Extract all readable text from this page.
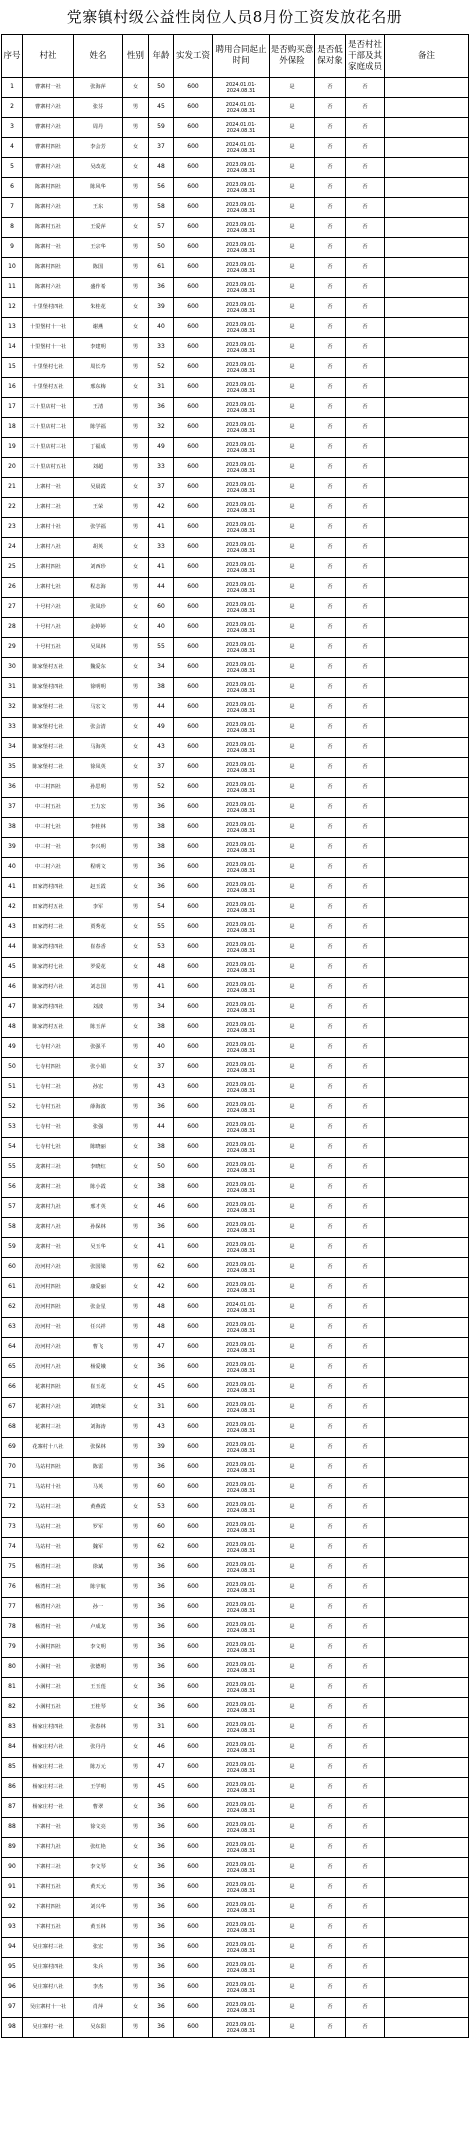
党寨镇村级公益性岗位人员8月份工资发放花名册
序号	村社	姓名	性别	年龄	实发工资	聘用合同起止时间	是否购买意外保险	是否低保对象	是否村社干部及其家庭成员	备注
1	曹寨村一社	张海萍	女	50	600	2024.01.01-2024.08.31	是	否	否	
2	曹寨村六社	张芬	男	45	600	2024.01.01-2024.08.31	是	否	否	
3	曹寨村六社	周丹	男	59	600	2024.01.01-2024.08.31	是	否	否	
4	曹寨村四社	李会芳	女	37	600	2024.01.01-2024.08.31	是	否	否	
5	曹寨村六社	吴改花	女	48	600	2023.09.01-2024.08.31	是	否	否	
6	陈寨村四社	陈风华	男	56	600	2023.09.01-2024.08.31	是	否	否	
7	陈寨村六社	王东	男	58	600	2023.09.01-2024.08.31	是	否	否	
8	陈寨村五社	王爱萍	女	57	600	2023.09.01-2024.08.31	是	否	否	
9	陈寨村一社	王宗华	男	50	600	2023.09.01-2024.08.31	是	否	否	
10	陈寨村四社	陈国	男	61	600	2023.09.01-2024.08.31	是	否	否	
11	陈寨村六社	盛作希	男	36	600	2023.09.01-2024.08.31	是	否	否	
12	十里堡村四社	朱桂花	女	39	600	2023.09.01-2024.08.31	是	否	否	
13	十里堡村十一社	谢燕	女	40	600	2023.09.01-2024.08.31	是	否	否	
14	十里堡村十一社	李建明	男	33	600	2023.09.01-2024.08.31	是	否	否	
15	十里堡村七社	周长寿	男	52	600	2023.09.01-2024.08.31	是	否	否	
16	十里堡村五社	邢东梅	女	31	600	2023.09.01-2024.08.31	是	否	否	
17	三十里店村一社	王清	男	36	600	2023.09.01-2024.08.31	是	否	否	
18	三十里店村二社	陈学福	男	32	600	2023.09.01-2024.08.31	是	否	否	
19	三十里店村三社	丁福成	男	49	600	2023.09.01-2024.08.31	是	否	否	
20	三十里店村五社	刘超	男	33	600	2023.09.01-2024.08.31	是	否	否	
21	上寨村一社	吴晨霞	女	37	600	2023.09.01-2024.08.31	是	否	否	
22	上寨村二社	王荣	男	42	600	2023.09.01-2024.08.31	是	否	否	
23	上寨村十社	张学福	男	41	600	2023.09.01-2024.08.31	是	否	否	
24	上寨村八社	胡英	女	33	600	2023.09.01-2024.08.31	是	否	否	
25	上寨村四社	刘西珍	女	41	600	2023.09.01-2024.08.31	是	否	否	
26	上寨村七社	程志海	男	44	600	2023.09.01-2024.08.31	是	否	否	
27	十号村六社	张凤珍	女	60	600	2023.09.01-2024.08.31	是	否	否	
28	十号村八社	金婷婷	女	40	600	2023.09.01-2024.08.31	是	否	否	
29	十号村五社	吴凤林	男	55	600	2023.09.01-2024.08.31	是	否	否	
30	陈家堡村五社	魏爱东	女	34	600	2023.09.01-2024.08.31	是	否	否	
31	陈家堡村四社	徐明明	男	38	600	2023.09.01-2024.08.31	是	否	否	
32	陈家堡村二社	马宏文	男	44	600	2023.09.01-2024.08.31	是	否	否	
33	陈家堡村七社	张会清	女	49	600	2023.09.01-2024.08.31	是	否	否	
34	陈家堡村三社	马海英	女	43	600	2023.09.01-2024.08.31	是	否	否	
35	陈家堡村二社	徐凤英	女	37	600	2023.09.01-2024.08.31	是	否	否	
36	中三村四社	孙思明	男	52	600	2023.09.01-2024.08.31	是	否	否	
37	中三村五社	王力宏	男	36	600	2023.09.01-2024.08.31	是	否	否	
38	中三村七社	李桂林	男	38	600	2023.09.01-2024.08.31	是	否	否	
39	中三村一社	李兴明	男	38	600	2023.09.01-2024.08.31	是	否	否	
40	中三村六社	程明文	男	36	600	2023.09.01-2024.08.31	是	否	否	
41	田家湾村四社	赵玉霞	女	36	600	2023.09.01-2024.08.31	是	否	否	
42	田家湾村五社	李军	男	54	600	2023.09.01-2024.08.31	是	否	否	
43	田家湾村二社	贾秀花	女	55	600	2023.09.01-2024.08.31	是	否	否	
44	陈家湾村四社	崔春香	女	53	600	2023.09.01-2024.08.31	是	否	否	
45	陈家湾村七社	罗爱花	女	48	600	2023.09.01-2024.08.31	是	否	否	
46	陈家湾村六社	刘志国	男	41	600	2023.09.01-2024.08.31	是	否	否	
47	陈家湾村四社	刘波	男	34	600	2023.09.01-2024.08.31	是	否	否	
48	陈家湾村五社	陈玉萍	女	38	600	2023.09.01-2024.08.31	是	否	否	
49	七寺村六社	张强平	男	40	600	2023.09.01-2024.08.31	是	否	否	
50	七寺村四社	张小娟	女	37	600	2023.09.01-2024.08.31	是	否	否	
51	七寺村二社	孙宏	男	43	600	2023.09.01-2024.08.31	是	否	否	
52	七寺村五社	薛海波	男	36	600	2023.09.01-2024.08.31	是	否	否	
53	七寺村一社	张强	男	44	600	2023.09.01-2024.08.31	是	否	否	
54	七寺村七社	陈晓丽	女	38	600	2023.09.01-2024.08.31	是	否	否	
55	龙寨村三社	李晓红	女	50	600	2023.09.01-2024.08.31	是	否	否	
56	龙寨村二社	陈小霞	女	38	600	2023.09.01-2024.08.31	是	否	否	
57	龙寨村九社	邢才英	女	46	600	2023.09.01-2024.08.31	是	否	否	
58	龙寨村八社	孙保林	男	36	600	2023.09.01-2024.08.31	是	否	否	
59	龙寨村一社	吴玉华	女	41	600	2023.09.01-2024.08.31	是	否	否	
60	汾河村六社	张国梁	男	62	600	2023.09.01-2024.08.31	是	否	否	
61	汾河村四社	康爱丽	女	42	600	2023.09.01-2024.08.31	是	否	否	
62	汾河村四社	张金星	男	48	600	2024.01.01-2024.08.31	是	否	否	
63	汾河村一社	任兴祥	男	48	600	2023.09.01-2024.08.31	是	否	否	
64	汾河村六社	曹飞	男	47	600	2023.09.01-2024.08.31	是	否	否	
65	汾河村八社	杨爱娥	女	36	600	2023.09.01-2024.08.31	是	否	否	
66	花寨村四社	崔玉花	女	45	600	2023.09.01-2024.08.31	是	否	否	
67	花寨村六社	刘晓荣	女	31	600	2023.09.01-2024.08.31	是	否	否	
68	花寨村三社	刘海涛	男	43	600	2023.09.01-2024.08.31	是	否	否	
69	花寨村十八社	张保林	男	39	600	2023.09.01-2024.08.31	是	否	否	
70	马站村四社	陈雷	男	36	600	2023.09.01-2024.08.31	是	否	否	
71	马站村十社	马英	男	60	600	2023.09.01-2024.08.31	是	否	否	
72	马站村三社	黄燕霞	女	53	600	2023.09.01-2024.08.31	是	否	否	
73	马站村二社	罗军	男	60	600	2023.09.01-2024.08.31	是	否	否	
74	马站村一社	魏军	男	62	600	2023.09.01-2024.08.31	是	否	否	
75	杨湾村三社	徐斌	男	36	600	2023.09.01-2024.08.31	是	否	否	
76	杨湾村二社	陈宇航	男	36	600	2023.09.01-2024.08.31	是	否	否	
77	杨湾村六社	孙一	男	36	600	2023.09.01-2024.08.31	是	否	否	
78	杨湾村一社	卢成龙	男	36	600	2023.09.01-2024.08.31	是	否	否	
79	小满村四社	李文明	男	36	600	2023.09.01-2024.08.31	是	否	否	
80	小满村一社	张德明	男	36	600	2023.09.01-2024.08.31	是	否	否	
81	小满村二社	王玉莲	女	36	600	2023.09.01-2024.08.31	是	否	否	
82	小满村五社	王桂琴	女	36	600	2023.09.01-2024.08.31	是	否	否	
83	杨家庄村四社	张春林	男	31	600	2023.09.01-2024.08.31	是	否	否	
84	杨家庄村六社	张丹丹	女	46	600	2023.09.01-2024.08.31	是	否	否	
85	杨家庄村二社	陈万元	男	47	600	2023.09.01-2024.08.31	是	否	否	
86	杨家庄村三社	王学明	男	45	600	2023.09.01-2024.08.31	是	否	否	
87	杨家庄村一社	曹翠	女	36	600	2023.09.01-2024.08.31	是	否	否	
88	下寨村一社	徐文亮	男	36	600	2023.09.01-2024.08.31	是	否	否	
89	下寨村九社	张红艳	女	36	600	2023.09.01-2024.08.31	是	否	否	
90	下寨村三社	李文琴	女	36	600	2023.09.01-2024.08.31	是	否	否	
91	下寨村五社	黄天元	男	36	600	2023.09.01-2024.08.31	是	否	否	
92	下寨村四社	刘兴华	男	36	600	2023.09.01-2024.08.31	是	否	否	
93	下寨村五社	黄玉林	男	36	600	2023.09.01-2024.08.31	是	否	否	
94	吴庄寨村三社	张宏	男	36	600	2023.09.01-2024.08.31	是	否	否	
95	吴庄寨村四社	朱兵	男	36	600	2023.09.01-2024.08.31	是	否	否	
96	吴庄寨村八社	李杰	男	36	600	2023.09.01-2024.08.31	是	否	否	
97	吴庄寨村十一社	肖萍	女	36	600	2023.09.01-2024.08.31	是	否	否	
98	吴庄寨村一社	吴东阳	男	36	600	2023.09.01-2024.08.31	是	否	否	
